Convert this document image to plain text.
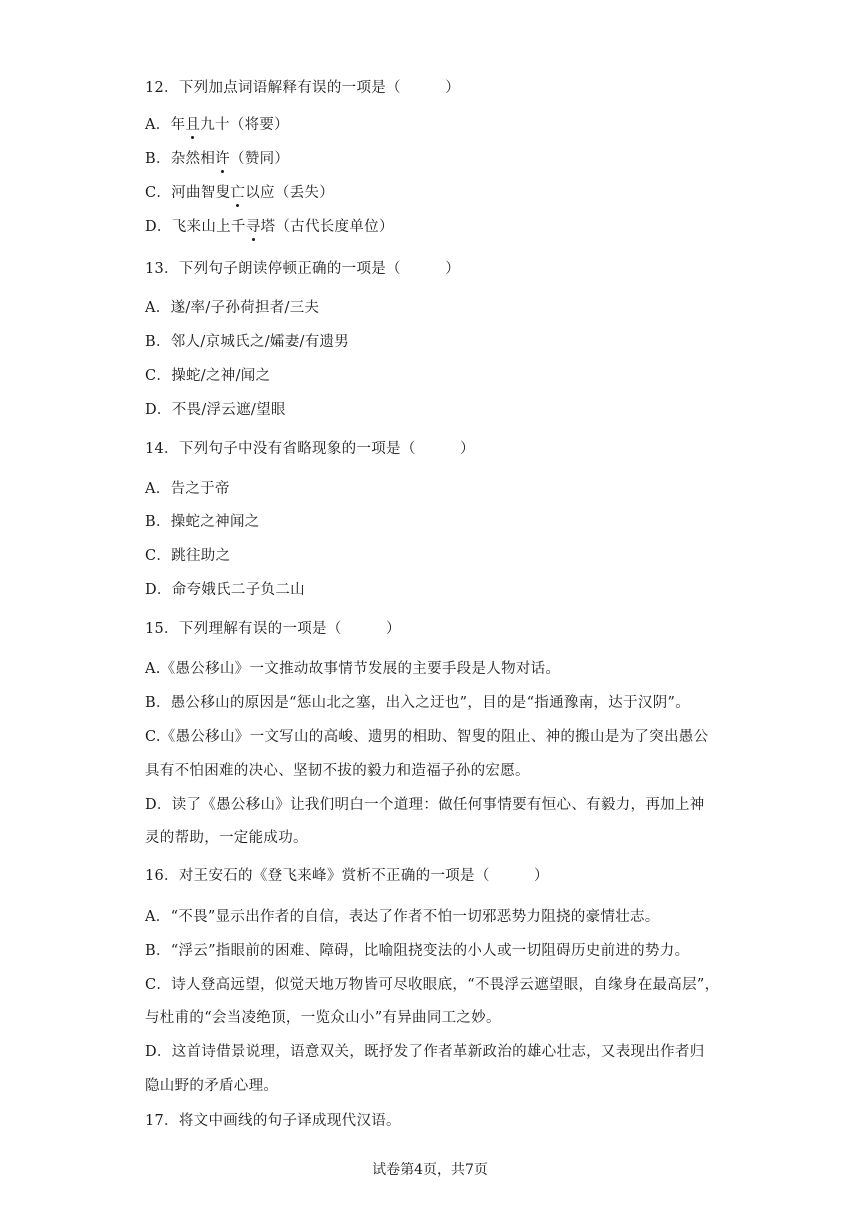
12．下列加点词语解释有误的一项是（　　　）
A．年且九十（将要）
B．杂然相许（赞同）
C．河曲智叟亡以应（丢失）
D．飞来山上千寻塔（古代长度单位）
13．下列句子朗读停顿正确的一项是（　　　）
A．遂/率/子孙荷担者/三夫
B．邻人/京城氏之/孀妻/有遗男
C．操蛇/之神/闻之
D．不畏/浮云遮/望眼
14．下列句子中没有省略现象的一项是（　　　）
A．告之于帝
B．操蛇之神闻之
C．跳往助之
D．命夸娥氏二子负二山
15．下列理解有误的一项是（　　　）
A.《愚公移山》一文推动故事情节发展的主要手段是人物对话。
B．愚公移山的原因是“惩山北之塞，出入之迂也”，目的是“指通豫南，达于汉阴”。
C.《愚公移山》一文写山的高峻、遗男的相助、智叟的阻止、神的搬山是为了突出愚公
具有不怕困难的决心、坚韧不拔的毅力和造福子孙的宏愿。
D．读了《愚公移山》让我们明白一个道理：做任何事情要有恒心、有毅力，再加上神
灵的帮助，一定能成功。
16．对王安石的《登飞来峰》赏析不正确的一项是（　　　）
A．“不畏”显示出作者的自信，表达了作者不怕一切邪恶势力阻挠的豪情壮志。
B．“浮云”指眼前的困难、障碍，比喻阻挠变法的小人或一切阻碍历史前进的势力。
C．诗人登高远望，似觉天地万物皆可尽收眼底，“不畏浮云遮望眼，自缘身在最高层”，
与杜甫的“会当凌绝顶，一览众山小”有异曲同工之妙。
D．这首诗借景说理，语意双关，既抒发了作者革新政治的雄心壮志，又表现出作者归
隐山野的矛盾心理。
17．将文中画线的句子译成现代汉语。
试卷第4页，共7页
